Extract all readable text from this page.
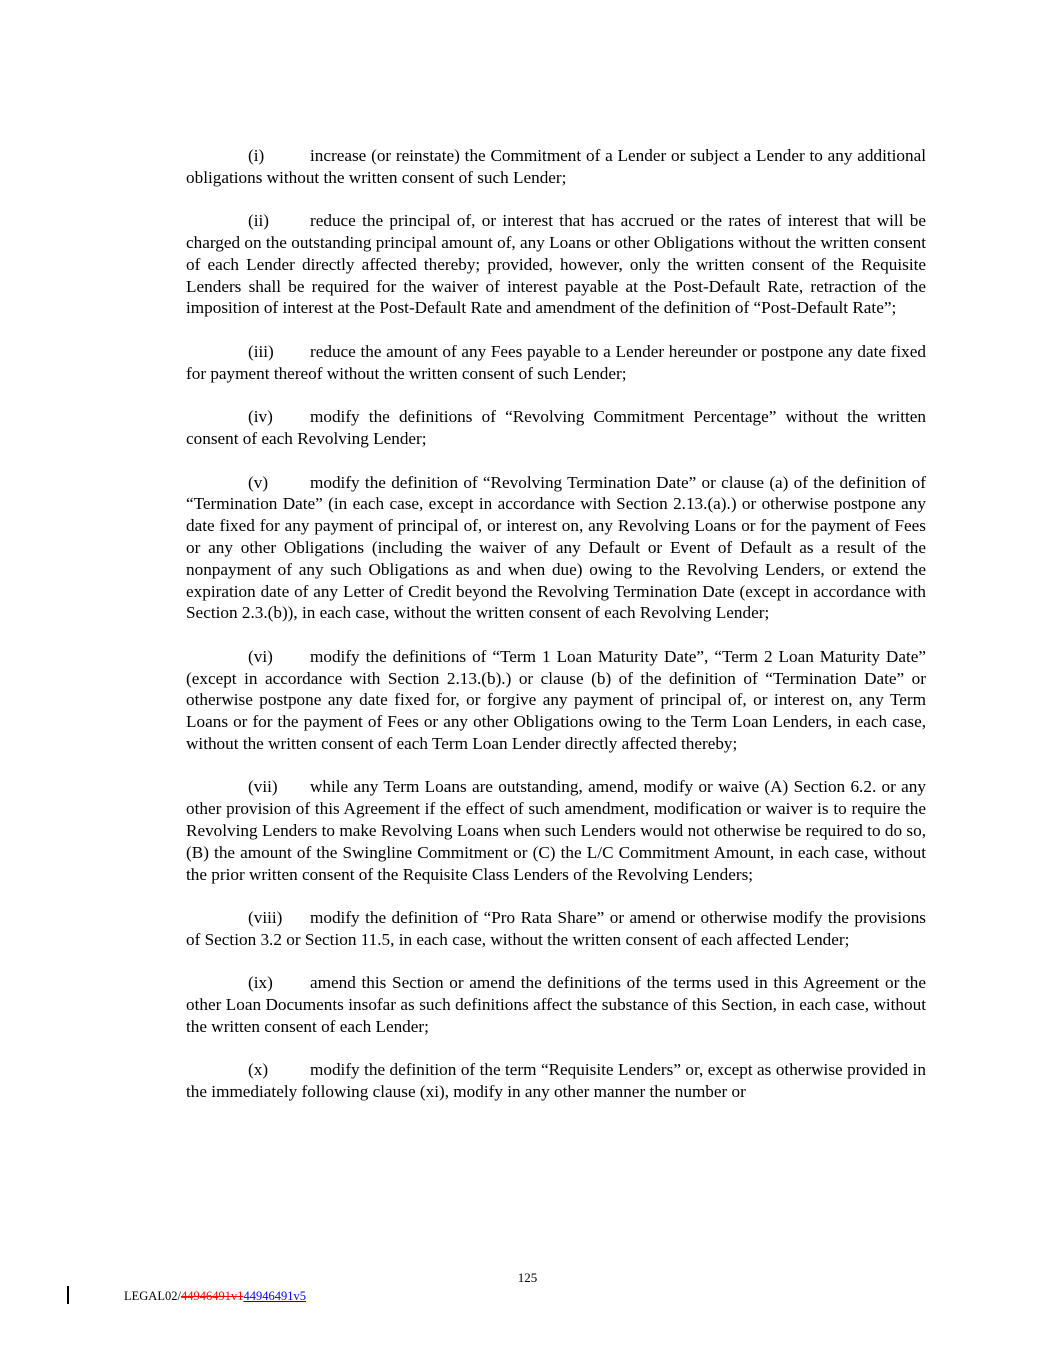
(i)	increase (or reinstate) the Commitment of a Lender or subject a Lender to any additional obligations without the written consent of such Lender;

(ii) reduce the principal of, or interest that has accrued or the rates of interest that will be charged on the outstanding principal amount of, any Loans or other Obligations without the written consent of each Lender directly affected thereby; provided, however, only the written consent of the Requisite Lenders shall be required for the waiver of interest payable at the Post-Default Rate, retraction of the imposition of interest at the Post-Default Rate and amendment of the definition of “Post-Default Rate”;

(iii) reduce the amount of any Fees payable to a Lender hereunder or postpone any date fixed for payment thereof without the written consent of such Lender;

(iv) modify the definitions of “Revolving Commitment Percentage” without the written consent of each Revolving Lender;

(v) modify the definition of “Revolving Termination Date” or clause (a) of the definition of “Termination Date” (in each case, except in accordance with Section 2.13.(a).) or otherwise postpone any date fixed for any payment of principal of, or interest on, any Revolving Loans or for the payment of Fees or any other Obligations (including the waiver of any Default or Event of Default as a result of the nonpayment of any such Obligations as and when due) owing to the Revolving Lenders, or extend the expiration date of any Letter of Credit beyond the Revolving Termination Date (except in accordance with Section 2.3.(b)), in each case, without the written consent of each Revolving Lender;

(vi) modify the definitions of “Term 1 Loan Maturity Date”, “Term 2 Loan Maturity Date” (except in accordance with Section 2.13.(b).) or clause (b) of the definition of “Termination Date” or otherwise postpone any date fixed for, or forgive any payment of principal of, or interest on, any Term Loans or for the payment of Fees or any other Obligations owing to the Term Loan Lenders, in each case, without the written consent of each Term Loan Lender directly affected thereby;

(vii) while any Term Loans are outstanding, amend, modify or waive (A) Section 6.2. or any other provision of this Agreement if the effect of such amendment, modification or waiver is to require the Revolving Lenders to make Revolving Loans when such Lenders would not otherwise be required to do so, (B) the amount of the Swingline Commitment or (C) the L/C Commitment Amount, in each case, without the prior written consent of the Requisite Class Lenders of the Revolving Lenders;

(viii) modify the definition of “Pro Rata Share” or amend or otherwise modify the provisions of Section 3.2 or Section 11.5, in each case, without the written consent of each affected Lender;

(ix) amend this Section or amend the definitions of the terms used in this Agreement or the other Loan Documents insofar as such definitions affect the substance of this Section, in each case, without the written consent of each Lender;

(x) modify the definition of the term “Requisite Lenders” or, except as otherwise provided in the immediately following clause (xi), modify in any other manner the number or

125
LEGAL02/44946491v144946491v5
